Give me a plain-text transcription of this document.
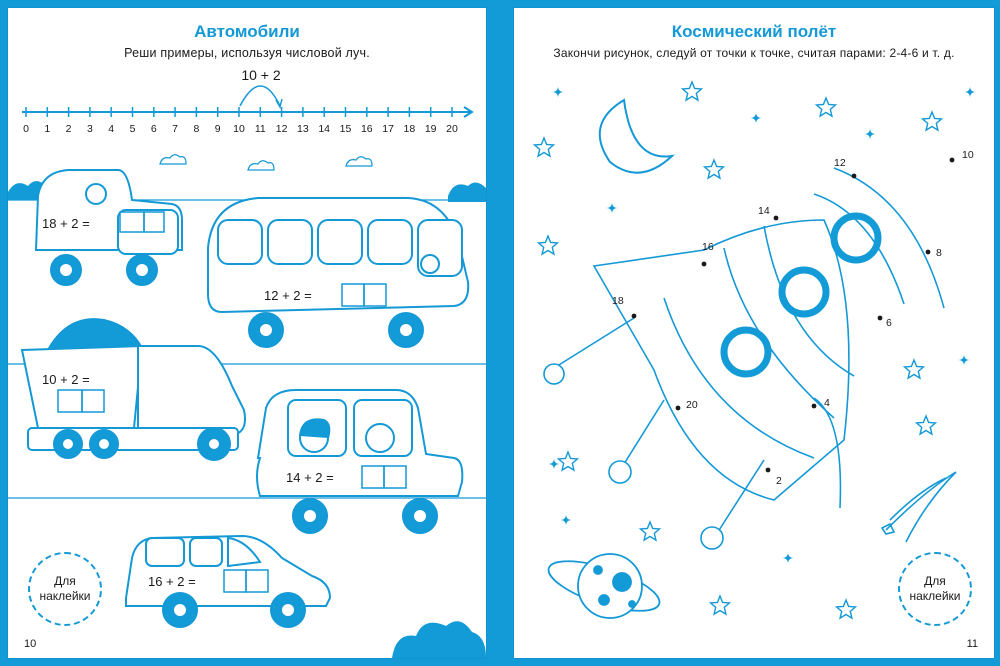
Автомобили
Реши примеры, используя числовой луч.
10 + 2
0 1 2 3 4 5 6 7 8 9 10 11 12 13 14 15 16 17 18 19 20
18 + 2 =
12 + 2 =
10 + 2 =
14 + 2 =
16 + 2 =
Для
наклейки
10
Космический полёт
Закончи рисунок, следуй от точки к точке, считая парами: 2-4-6 и т. д.
2
4
6
8
10
12
14
16
18
20
Для
наклейки
11
